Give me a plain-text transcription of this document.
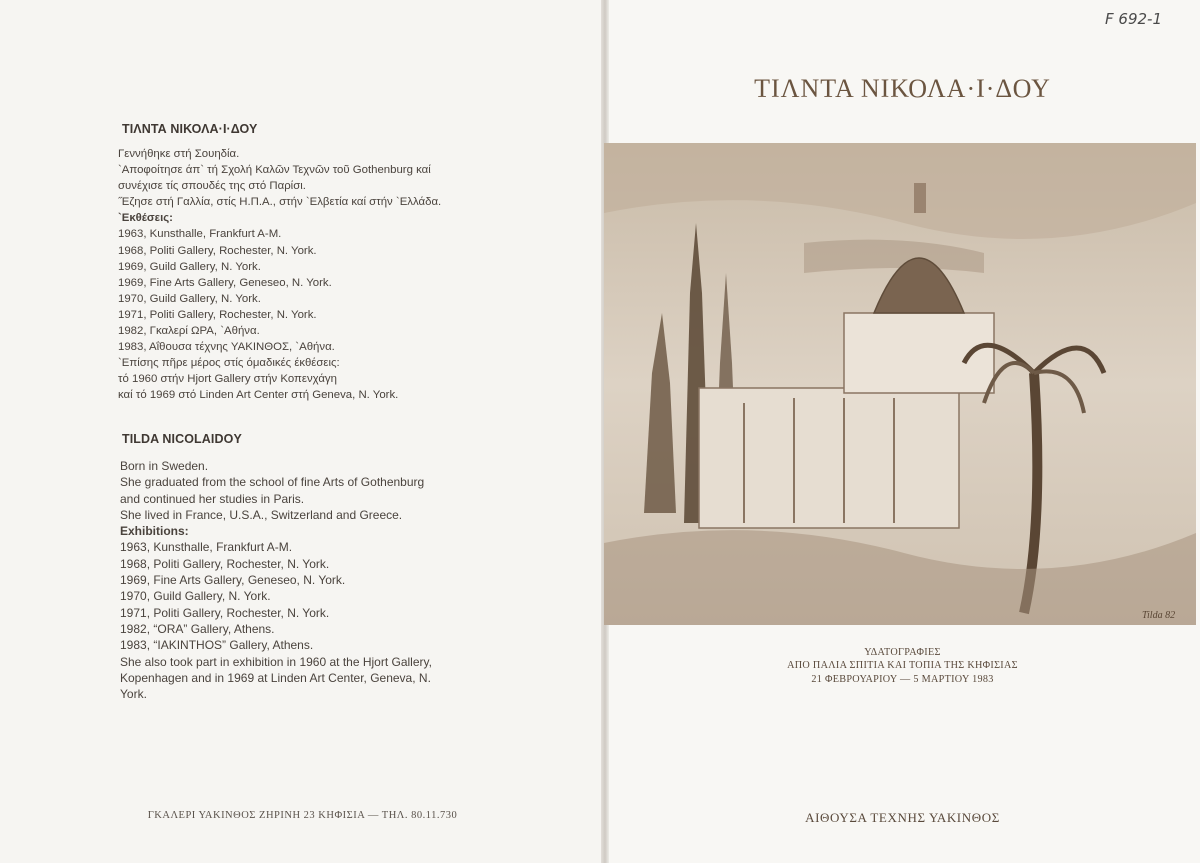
ΤΙΛΝΤΑ ΝΙΚΟΛΑ·Ι·ΔΟΥ
Γεννήθηκε στή Σουηδία.
`Αποφοίτησε άπ` τή Σχολή Καλῶν Τεχνῶν τοῦ Gothenburg καί
συνέχισε τίς σπουδές της στό Παρίσι.
˝Εζησε στή Γαλλία, στίς Η.Π.Α., στήν `Ελβετία καί στήν `Ελλάδα.
`Εκθέσεις:
1963, Kunsthalle, Frankfurt A-M.
1968, Politi Gallery, Rochester, N. York.
1969, Guild Gallery, N. York.
1969, Fine Arts Gallery, Geneseo, N. York.
1970, Guild Gallery, N. York.
1971, Politi Gallery, Rochester, N. York.
1982, Γκαλερί ΩΡΑ, `Αθήνα.
1983, Αΐθουσα τέχνης ΥΑΚΙΝΘΟΣ, `Αθήνα.
`Επίσης πῆρε μέρος στίς όμαδικές έκθέσεις:
τό 1960 στήν Hjort Gallery στήν Κοπενχάγη
καί τό 1969 στό Linden Art Center στή Geneva, N. York.
TILDA NICOLAIDOY
Born in Sweden.
She graduated from the school of fine Arts of Gothenburg
and continued her studies in Paris.
She lived in France, U.S.A., Switzerland and Greece.
Exhibitions:
1963, Kunsthalle, Frankfurt A-M.
1968, Politi Gallery, Rochester, N. York.
1969, Fine Arts Gallery, Geneseo, N. York.
1970, Guild Gallery, N. York.
1971, Politi Gallery, Rochester, N. York.
1982, “ORA” Gallery, Athens.
1983, “IAKINTHOS” Gallery, Athens.
She also took part in exhibition in 1960 at the Hjort Gallery,
Kopenhagen and in 1969 at Linden Art Center, Geneva, N.
York.
ΓΚΑΛΕΡΙ ΥΑΚΙΝΘΟΣ ΖΗΡΙΝΗ 23 ΚΗΦΙΣΙΑ — ΤΗΛ. 80.11.730
F 692-1
ΤΙΛΝΤΑ ΝΙΚΟΛΑ·Ι·ΔΟΥ
Tilda 82
ΥΔΑΤΟΓΡΑΦΙΕΣ
ΑΠΟ ΠΑΛΙΑ ΣΠΙΤΙΑ ΚΑΙ ΤΟΠΙΑ ΤΗΣ ΚΗΦΙΣΙΑΣ
21 ΦΕΒΡΟΥΑΡΙΟΥ — 5 ΜΑΡΤΙΟΥ 1983
ΑΙΘΟΥΣΑ ΤΕΧΝΗΣ ΥΑΚΙΝΘΟΣ
